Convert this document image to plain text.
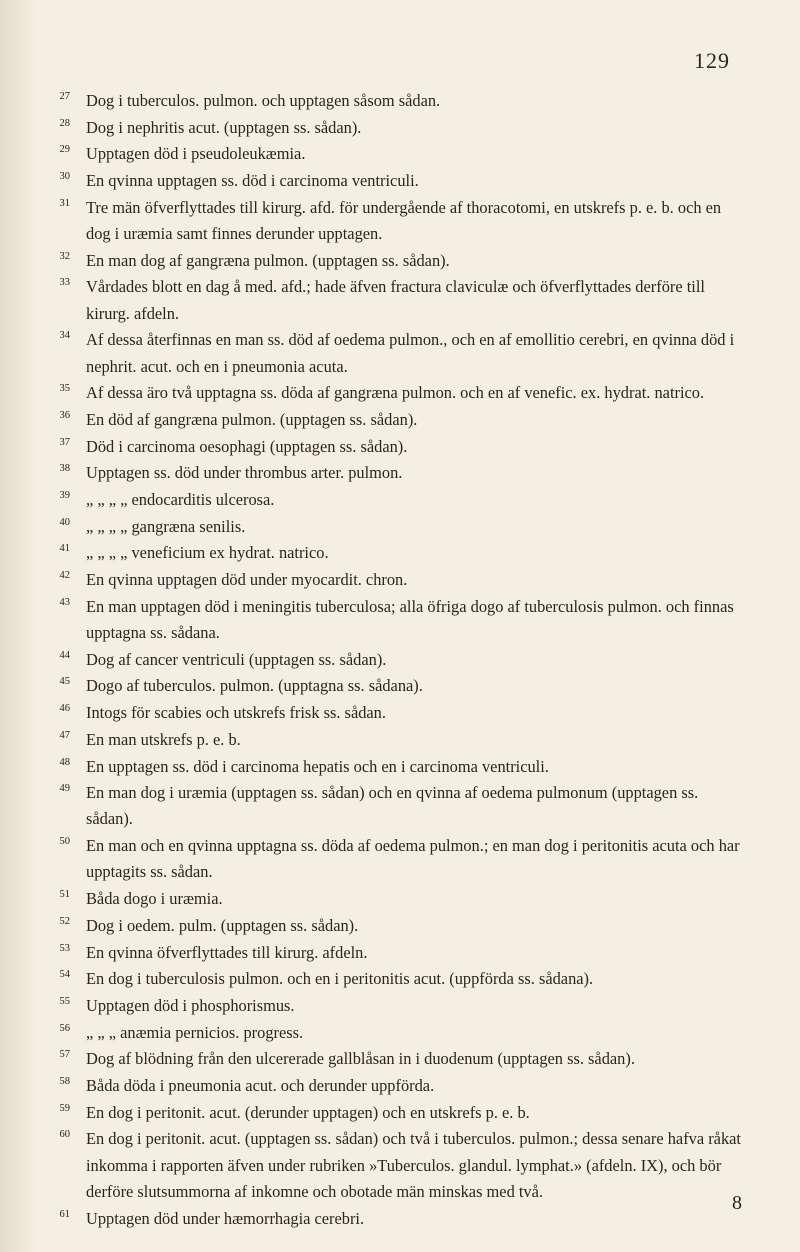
129
27 Dog i tuberculos. pulmon. och upptagen såsom sådan.
28 Dog i nephritis acut. (upptagen ss. sådan).
29 Upptagen död i pseudoleukæmia.
30 En qvinna upptagen ss. död i carcinoma ventriculi.
31 Tre män öfverflyttades till kirurg. afd. för undergående af thoracotomi, en utskrefs p. e. b. och en dog i uræmia samt finnes derunder upptagen.
32 En man dog af gangræna pulmon. (upptagen ss. sådan).
33 Vårdades blott en dag å med. afd.; hade äfven fractura claviculæ och öfverflyttades derföre till kirurg. afdeln.
34 Af dessa återfinnas en man ss. död af oedema pulmon., och en af emollitio cerebri, en qvinna död i nephrit. acut. och en i pneumonia acuta.
35 Af dessa äro två upptagna ss. döda af gangræna pulmon. och en af venefic. ex. hydrat. natrico.
36 En död af gangræna pulmon. (upptagen ss. sådan).
37 Död i carcinoma oesophagi (upptagen ss. sådan).
38 Upptagen ss. död under thrombus arter. pulmon.
39 „ „ „ „ endocarditis ulcerosa.
40 „ „ „ „ gangræna senilis.
41 „ „ „ „ veneficium ex hydrat. natrico.
42 En qvinna upptagen död under myocardit. chron.
43 En man upptagen död i meningitis tuberculosa; alla öfriga dogo af tuberculosis pulmon. och finnas upptagna ss. sådana.
44 Dog af cancer ventriculi (upptagen ss. sådan).
45 Dogo af tuberculos. pulmon. (upptagna ss. sådana).
46 Intogs för scabies och utskrefs frisk ss. sådan.
47 En man utskrefs p. e. b.
48 En upptagen ss. död i carcinoma hepatis och en i carcinoma ventriculi.
49 En man dog i uræmia (upptagen ss. sådan) och en qvinna af oedema pulmonum (upptagen ss. sådan).
50 En man och en qvinna upptagna ss. döda af oedema pulmon.; en man dog i peritonitis acuta och har upptagits ss. sådan.
51 Båda dogo i uræmia.
52 Dog i oedem. pulm. (upptagen ss. sådan).
53 En qvinna öfverflyttades till kirurg. afdeln.
54 En dog i tuberculosis pulmon. och en i peritonitis acut. (uppförda ss. sådana).
55 Upptagen död i phosphorismus.
56 „ „ „ anæmia pernicios. progress.
57 Dog af blödning från den ulcererade gallblåsan in i duodenum (upptagen ss. sådan).
58 Båda döda i pneumonia acut. och derunder uppförda.
59 En dog i peritonit. acut. (derunder upptagen) och en utskrefs p. e. b.
60 En dog i peritonit. acut. (upptagen ss. sådan) och två i tuberculos. pulmon.; dessa senare hafva råkat inkomma i rapporten äfven under rubriken »Tuberculos. glandul. lymphat.» (afdeln. IX), och bör derföre slutsummorna af inkomne och obotade män minskas med två.
61 Upptagen död under hæmorrhagia cerebri.
8
